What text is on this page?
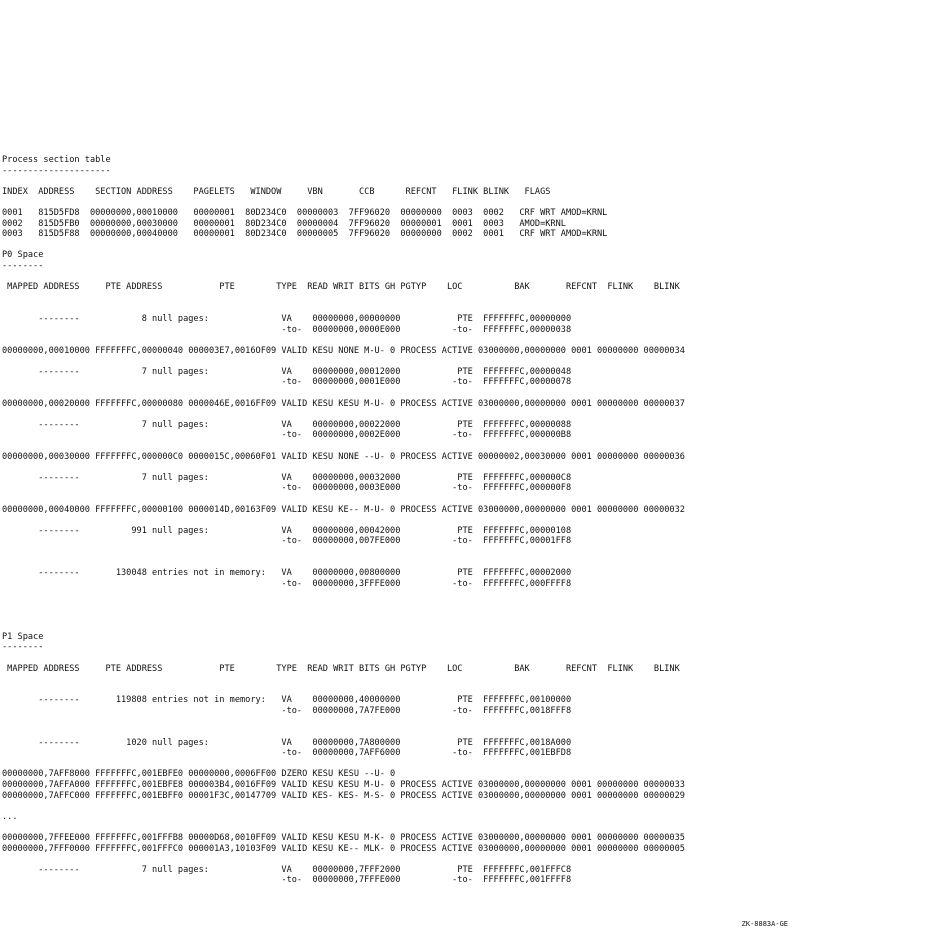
Process section table
---------------------
INDEX  ADDRESS    SECTION ADDRESS    PAGELETS   WINDOW     VBN       CCB      REFCNT   FLINK BLINK   FLAGS
0001   815D5FD8  00000000,00010000   00000001  80D234C0  00000003  7FF96020  00000000  0003  0002   CRF WRT AMOD=KRNL
0002   815D5FB0  00000000,00030000   00000001  80D234C0  00000004  7FF96020  00000001  0001  0003   AMOD=KRNL
0003   815D5F88  00000000,00040000   00000001  80D234C0  00000005  7FF96020  00000000  0002  0001   CRF WRT AMOD=KRNL
P0 Space
--------
MAPPED ADDRESS     PTE ADDRESS           PTE        TYPE  READ WRIT BITS GH PGTYP    LOC          BAK       REFCNT  FLINK    BLINK
--------            8 null pages:              VA    00000000,00000000           PTE  FFFFFFFC,00000000
-to-  00000000,0000E000          -to-  FFFFFFFC,00000038
00000000,00010000 FFFFFFFC,00000040 000003E7,0016OF09 VALID KESU NONE M-U- 0 PROCESS ACTIVE 03000000,00000000 0001 00000000 00000034
--------            7 null pages:              VA    00000000,00012000           PTE  FFFFFFFC,00000048
-to-  00000000,0001E000          -to-  FFFFFFFC,00000078
00000000,00020000 FFFFFFFC,00000080 0000046E,0016FF09 VALID KESU KESU M-U- 0 PROCESS ACTIVE 03000000,00000000 0001 00000000 00000037
--------            7 null pages:              VA    00000000,00022000           PTE  FFFFFFFC,00000088
-to-  00000000,0002E000          -to-  FFFFFFFC,000000B8
00000000,00030000 FFFFFFFC,000000C0 0000015C,00060F01 VALID KESU NONE --U- 0 PROCESS ACTIVE 00000002,00030000 0001 00000000 00000036
--------            7 null pages:              VA    00000000,00032000           PTE  FFFFFFFC,000000C8
-to-  00000000,0003E000          -to-  FFFFFFFC,000000F8
00000000,00040000 FFFFFFFC,00000100 0000014D,00163F09 VALID KESU KE-- M-U- 0 PROCESS ACTIVE 03000000,00000000 0001 00000000 00000032
--------          991 null pages:              VA    00000000,00042000           PTE  FFFFFFFC,00000108
-to-  00000000,007FE000          -to-  FFFFFFFC,00001FF8
--------       130048 entries not in memory:   VA    00000000,00800000           PTE  FFFFFFFC,00002000
-to-  00000000,3FFFE000          -to-  FFFFFFFC,000FFFF8
P1 Space
--------
MAPPED ADDRESS     PTE ADDRESS           PTE        TYPE  READ WRIT BITS GH PGTYP    LOC          BAK       REFCNT  FLINK    BLINK
--------       119808 entries not in memory:   VA    00000000,40000000           PTE  FFFFFFFC,00100000
-to-  00000000,7A7FE000          -to-  FFFFFFFC,0018FFF8
--------         1020 null pages:              VA    00000000,7A800000           PTE  FFFFFFFC,0018A000
-to-  00000000,7AFF6000          -to-  FFFFFFFC,001EBFD8
00000000,7AFF8000 FFFFFFFC,001EBFE0 00000000,0006FF00 DZERO KESU KESU --U- 0
00000000,7AFFA000 FFFFFFFC,001EBFE8 000003B4,0016FF09 VALID KESU KESU M-U- 0 PROCESS ACTIVE 03000000,00000000 0001 00000000 00000033
00000000,7AFFC000 FFFFFFFC,001EBFF0 00001F3C,00147709 VALID KES- KES- M-S- 0 PROCESS ACTIVE 03000000,00000000 0001 00000000 00000029
...
00000000,7FFEE000 FFFFFFFC,001FFFB8 00000D68,0010FF09 VALID KESU KESU M-K- 0 PROCESS ACTIVE 03000000,00000000 0001 00000000 00000035
00000000,7FFF0000 FFFFFFFC,001FFFC0 000001A3,10103F09 VALID KESU KE-- MLK- 0 PROCESS ACTIVE 03000000,00000000 0001 00000000 00000005
--------            7 null pages:              VA    00000000,7FFF2000           PTE  FFFFFFFC,001FFFC8
-to-  00000000,7FFFE000          -to-  FFFFFFFC,001FFFF8
ZK-8883A-GE
